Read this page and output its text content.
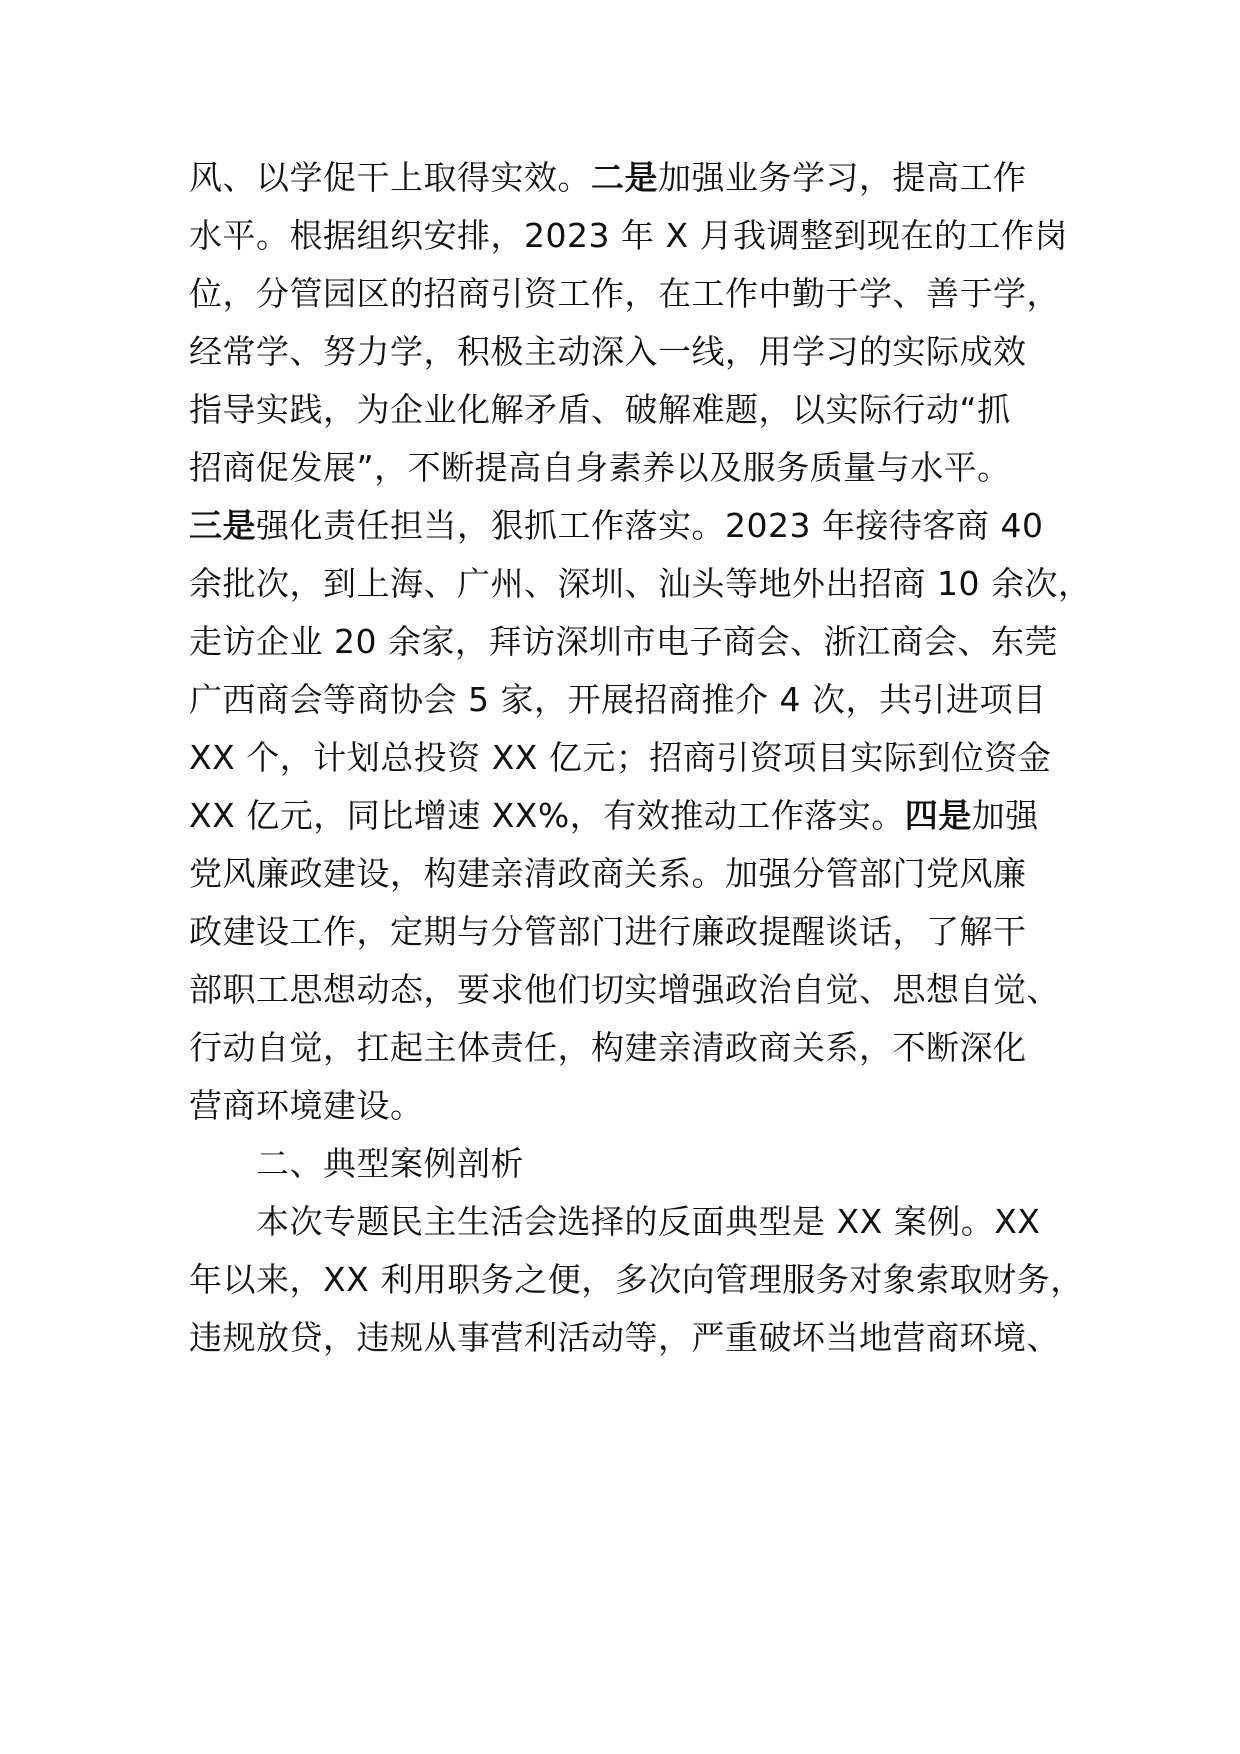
风、以学促干上取得实效。二是加强业务学习，提高工作
水平。根据组织安排，2023 年 X 月我调整到现在的工作岗
位，分管园区的招商引资工作，在工作中勤于学、善于学，
经常学、努力学，积极主动深入一线，用学习的实际成效
指导实践，为企业化解矛盾、破解难题，以实际行动“抓
招商促发展”，不断提高自身素养以及服务质量与水平。
三是强化责任担当，狠抓工作落实。2023 年接待客商 40
余批次，到上海、广州、深圳、汕头等地外出招商 10 余次，
走访企业 20 余家，拜访深圳市电子商会、浙江商会、东莞
广西商会等商协会 5 家，开展招商推介 4 次，共引进项目
XX 个，计划总投资 XX 亿元；招商引资项目实际到位资金
XX 亿元，同比增速 XX%，有效推动工作落实。四是加强
党风廉政建设，构建亲清政商关系。加强分管部门党风廉
政建设工作，定期与分管部门进行廉政提醒谈话，了解干
部职工思想动态，要求他们切实增强政治自觉、思想自觉、
行动自觉，扛起主体责任，构建亲清政商关系，不断深化
营商环境建设。
二、典型案例剖析
本次专题民主生活会选择的反面典型是 XX 案例。XX
年以来，XX 利用职务之便，多次向管理服务对象索取财务，
违规放贷，违规从事营利活动等，严重破坏当地营商环境、
